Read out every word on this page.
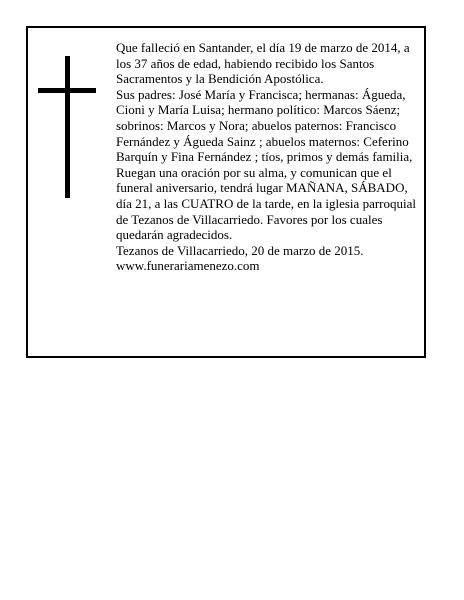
Que falleció en Santander, el día 19 de marzo de 2014, a los 37 años de edad, habiendo recibido los Santos Sacramentos y la Bendición Apostólica.

Sus padres: José María y Francisca; hermanas: Águeda, Cioni y María Luisa; hermano político: Marcos Sáenz; sobrinos: Marcos y Nora; abuelos paternos: Francisco Fernández y Águeda Sainz ; abuelos maternos: Ceferino Barquín y Fina Fernández ; tíos, primos y demás familia,

Ruegan una oración por su alma, y comunican que el funeral aniversario, tendrá lugar MAÑANA, SÁBADO, día 21, a las CUATRO de la tarde, en la iglesia parroquial de Tezanos de Villacarriedo. Favores por los cuales quedarán agradecidos.

Tezanos de Villacarriedo, 20 de marzo de 2015.

www.funerariamenezo.com
